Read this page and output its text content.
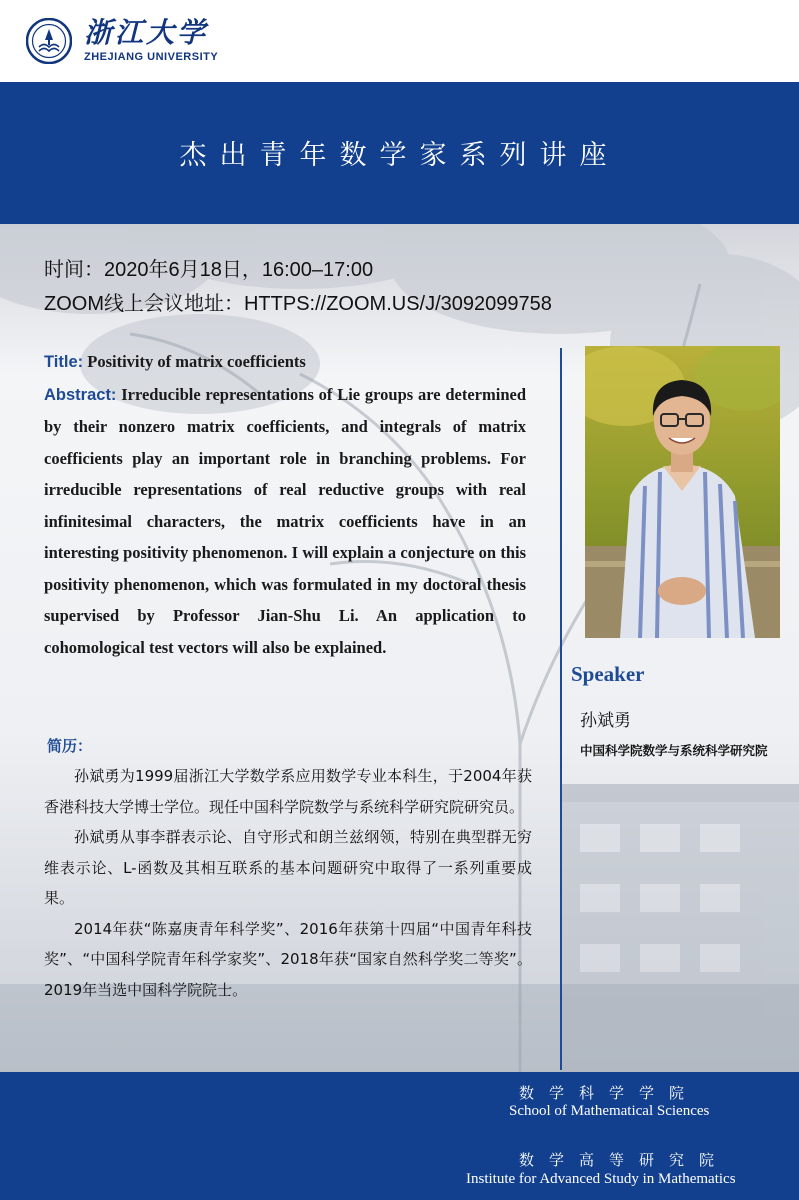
浙江大学
ZHEJIANG UNIVERSITY
杰出青年数学家系列讲座
时间：2020年6月18日，16:00–17:00
ZOOM线上会议地址：HTTPS://ZOOM.US/J/3092099758
Title: Positivity of matrix coefficients
Abstract: Irreducible representations of Lie groups are determined by their nonzero matrix coefficients, and integrals of matrix coefficients play an important role in branching problems. For irreducible representations of real reductive groups with real infinitesimal characters, the matrix coefficients have in an interesting positivity phenomenon. I will explain a conjecture on this positivity phenomenon, which was formulated in my doctoral thesis supervised by Professor Jian-Shu Li. An application to cohomological test vectors will also be explained.
Speaker
孙斌勇
中国科学院数学与系统科学研究院
简历：

孙斌勇为1999届浙江大学数学系应用数学专业本科生，于2004年获香港科技大学博士学位。现任中国科学院数学与系统科学研究院研究员。

孙斌勇从事李群表示论、自守形式和朗兰兹纲领，特别在典型群无穷维表示论、L-函数及其相互联系的基本问题研究中取得了一系列重要成果。

2014年获“陈嘉庚青年科学奖”、2016年获第十四届“中国青年科技奖”、“中国科学院青年科学家奖”、2018年获“国家自然科学奖二等奖”。2019年当选中国科学院院士。

数学科学学院
School of Mathematical Sciences
数学高等研究院
Institute for Advanced Study in Mathematics
